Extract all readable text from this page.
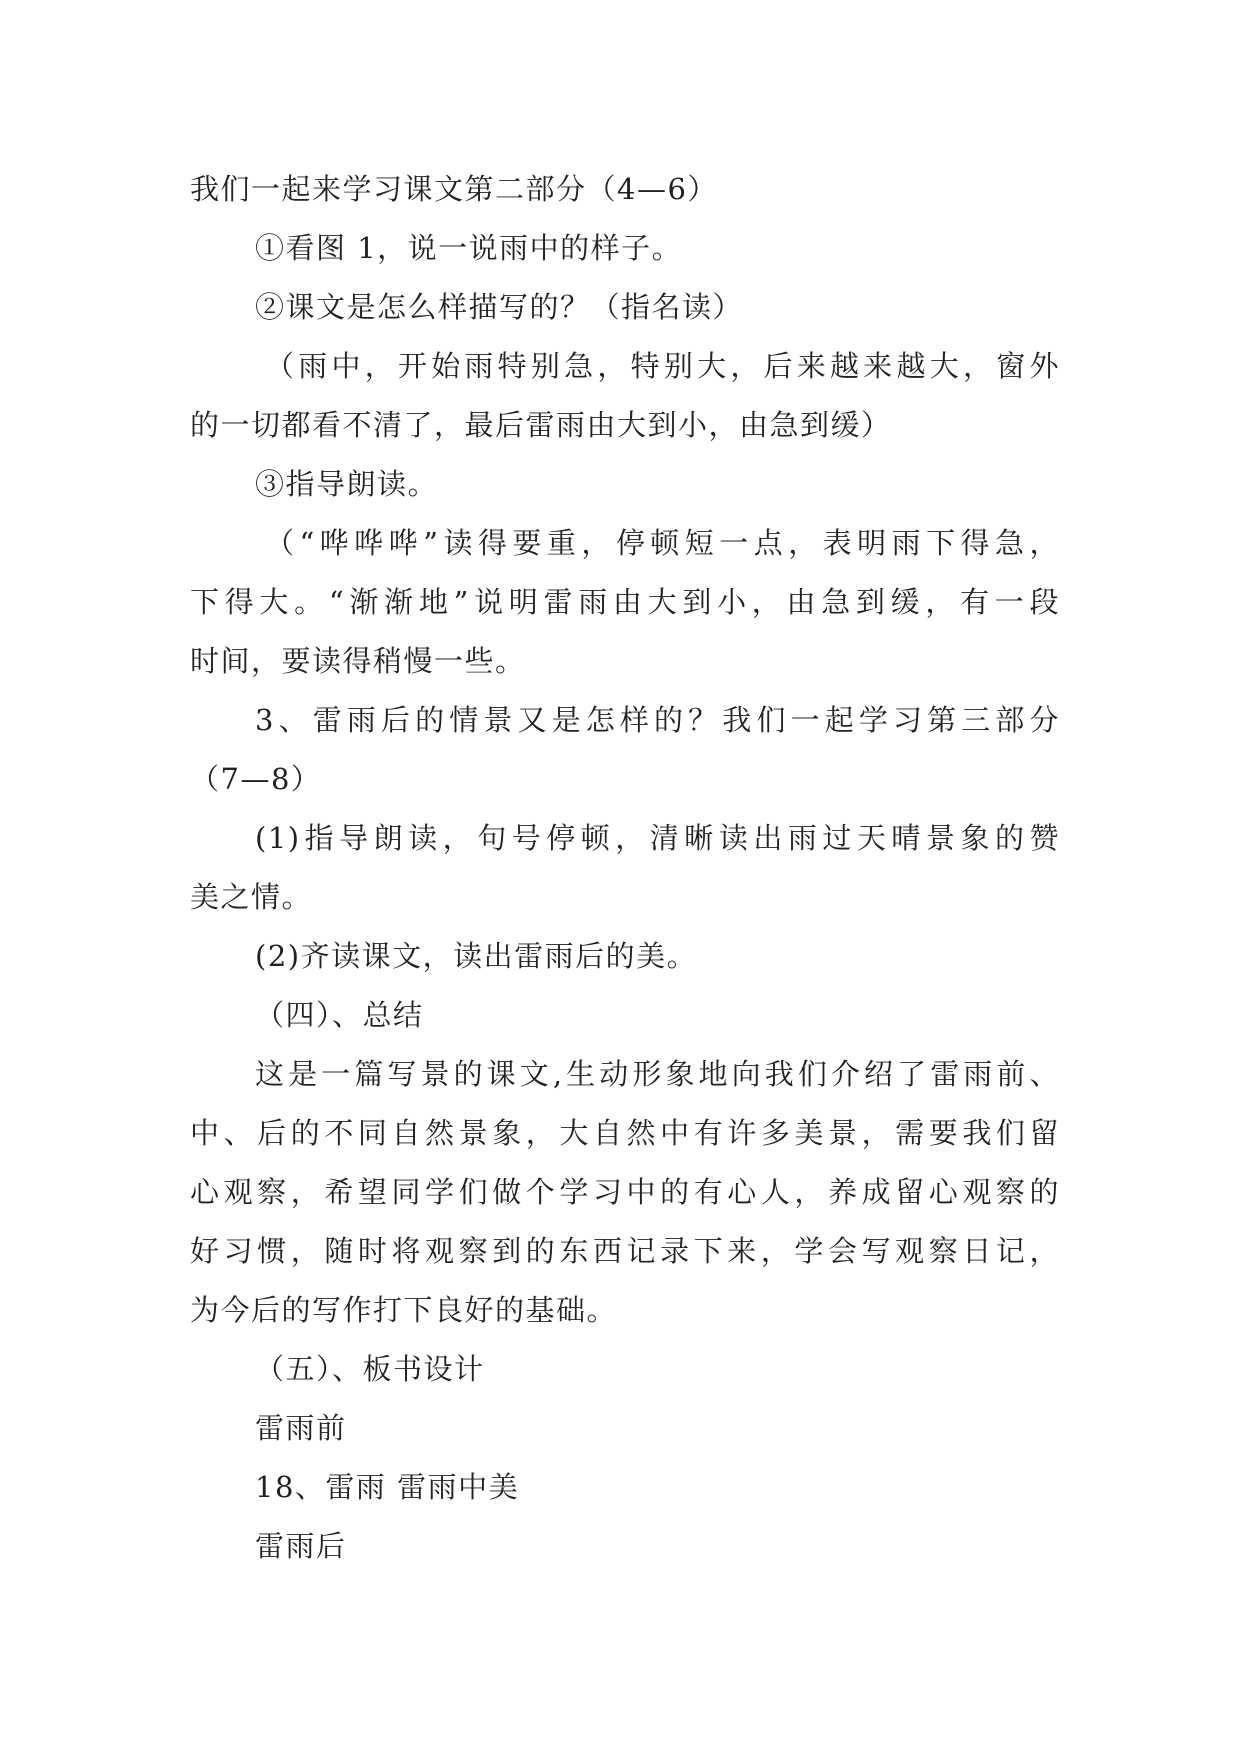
我们一起来学习课文第二部分（4—6）
①看图 1，说一说雨中的样子。
②课文是怎么样描写的？（指名读）
（雨中，开始雨特别急，特别大，后来越来越大，窗外
的一切都看不清了，最后雷雨由大到小，由急到缓）
③指导朗读。
（“哗哗哗”读得要重，停顿短一点，表明雨下得急，
下得大。“渐渐地”说明雷雨由大到小，由急到缓，有一段
时间，要读得稍慢一些。
3、雷雨后的情景又是怎样的？我们一起学习第三部分
（7—8）
(1)指导朗读，句号停顿，清晰读出雨过天晴景象的赞
美之情。
(2)齐读课文，读出雷雨后的美。
（四）、总结
这是一篇写景的课文,生动形象地向我们介绍了雷雨前、
中、后的不同自然景象，大自然中有许多美景，需要我们留
心观察，希望同学们做个学习中的有心人，养成留心观察的
好习惯，随时将观察到的东西记录下来，学会写观察日记，
为今后的写作打下良好的基础。
（五）、板书设计
雷雨前
18、雷雨 雷雨中美
雷雨后
